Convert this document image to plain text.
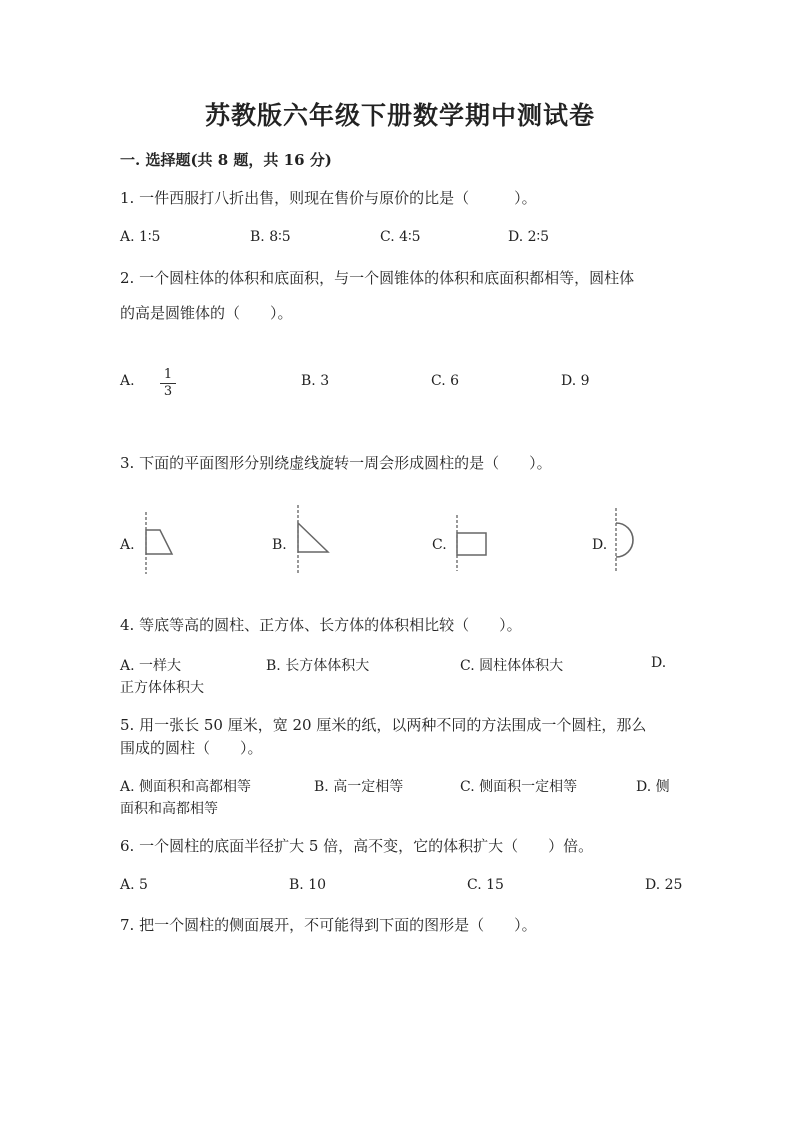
苏教版六年级下册数学期中测试卷
一. 选择题(共 8 题，共 16 分)
1. 一件西服打八折出售，则现在售价与原价的比是（　　　）。
A. 1∶5	B. 8∶5	C. 4∶5	D. 2∶5
2. 一个圆柱体的体积和底面积，与一个圆锥体的体积和底面积都相等，圆柱体
的高是圆锥体的（　　）。
A. 1
3
B. 3	C. 6	D. 9
3. 下面的平面图形分别绕虚线旋转一周会形成圆柱的是（　　）。
A.	B.	C.	D.
4. 等底等高的圆柱、正方体、长方体的体积相比较（　　）。
A. 一样大	B. 长方体体积大	C. 圆柱体体积大	D.
正方体体积大
5. 用一张长 50 厘米，宽 20 厘米的纸，以两种不同的方法围成一个圆柱，那么
围成的圆柱（　　）。
A. 侧面积和高都相等	B. 高一定相等	C. 侧面积一定相等	D. 侧
面积和高都相等
6. 一个圆柱的底面半径扩大 5 倍，高不变，它的体积扩大（　　）倍。
A. 5	B. 10	C. 15	D. 25
7. 把一个圆柱的侧面展开，不可能得到下面的图形是（　　）。
